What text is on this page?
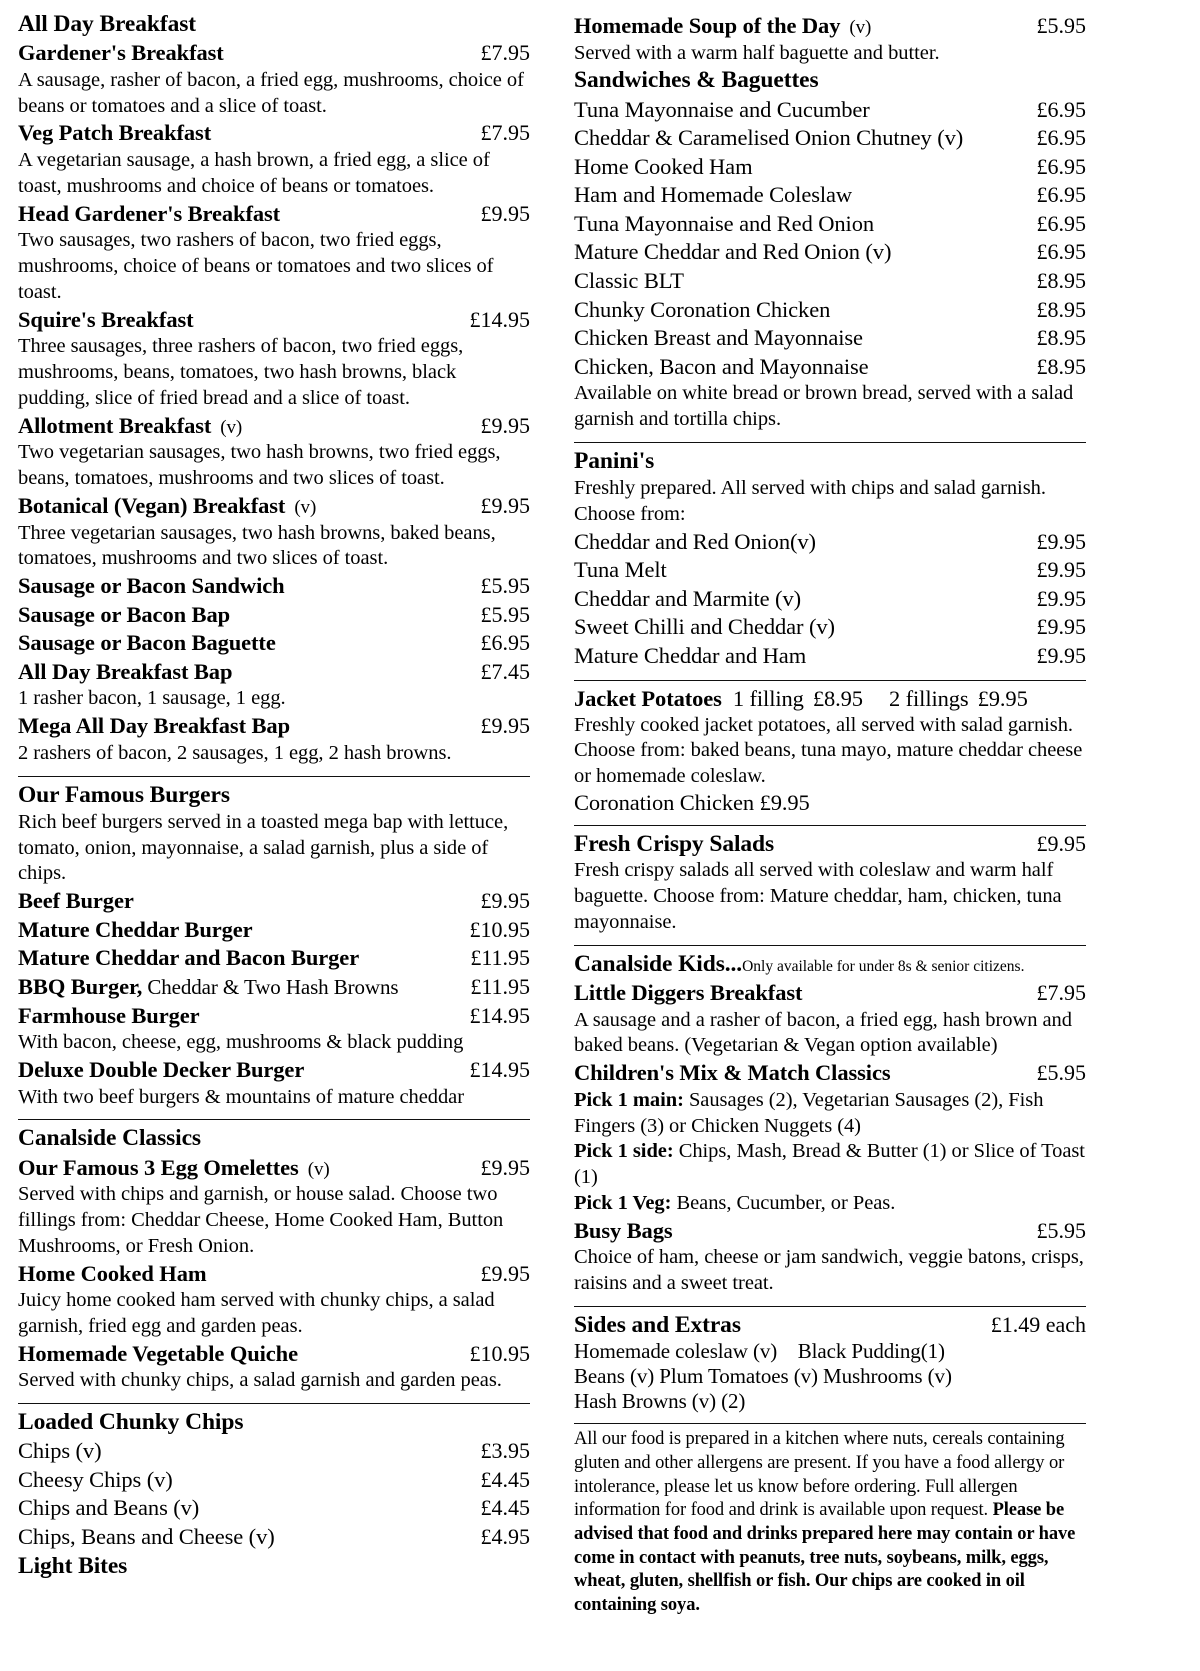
All Day Breakfast
Gardener's Breakfast	£7.95

A sausage, rasher of bacon, a fried egg, mushrooms, choice of beans or tomatoes and a slice of toast.

Veg Patch Breakfast	£7.95

A vegetarian sausage, a hash brown, a fried egg, a slice of toast, mushrooms and choice of beans or tomatoes.

Head Gardener's Breakfast	£9.95

Two sausages, two rashers of bacon, two fried eggs, mushrooms, choice of beans or tomatoes and two slices of toast.

Squire's Breakfast	£14.95

Three sausages, three rashers of bacon, two fried eggs, mushrooms, beans, tomatoes, two hash browns, black pudding, slice of fried bread and a slice of toast.

Allotment Breakfast (v)	£9.95

Two vegetarian sausages, two hash browns, two fried eggs, beans, tomatoes, mushrooms and two slices of toast.

Botanical (Vegan) Breakfast (v)	£9.95

Three vegetarian sausages, two hash browns, baked beans, tomatoes, mushrooms and two slices of toast.

Sausage or Bacon Sandwich	£5.95
Sausage or Bacon Bap	£5.95
Sausage or Bacon Baguette	£6.95
All Day Breakfast Bap	£7.45

1 rasher bacon, 1 sausage, 1 egg.

Mega All Day Breakfast Bap	£9.95

2 rashers of bacon, 2 sausages, 1 egg, 2 hash browns.

Our Famous Burgers

Rich beef burgers served in a toasted mega bap with lettuce, tomato, onion, mayonnaise, a salad garnish, plus a side of chips.

Beef Burger	£9.95
Mature Cheddar Burger	£10.95
Mature Cheddar and Bacon Burger	£11.95
BBQ Burger, Cheddar & Two Hash Browns	£11.95
Farmhouse Burger	£14.95

With bacon, cheese, egg, mushrooms & black pudding

Deluxe Double Decker Burger	£14.95

With two beef burgers & mountains of mature cheddar

Canalside Classics
Our Famous 3 Egg Omelettes (v)	£9.95

Served with chips and garnish, or house salad. Choose two fillings from: Cheddar Cheese, Home Cooked Ham, Button Mushrooms, or Fresh Onion.

Home Cooked Ham	£9.95

Juicy home cooked ham served with chunky chips, a salad garnish, fried egg and garden peas.

Homemade Vegetable Quiche	£10.95

Served with chunky chips, a salad garnish and garden peas.

Loaded Chunky Chips
Chips (v)	£3.95
Cheesy Chips (v)	£4.45
Chips and Beans (v)	£4.45
Chips, Beans and Cheese (v)	£4.95
Light Bites
Homemade Soup of the Day (v)	£5.95

Served with a warm half baguette and butter.

Sandwiches & Baguettes
Tuna Mayonnaise and Cucumber	£6.95
Cheddar & Caramelised Onion Chutney (v)	£6.95
Home Cooked Ham	£6.95
Ham and Homemade Coleslaw	£6.95
Tuna Mayonnaise and Red Onion	£6.95
Mature Cheddar and Red Onion (v)	£6.95
Classic BLT	£8.95
Chunky Coronation Chicken	£8.95
Chicken Breast and Mayonnaise	£8.95
Chicken, Bacon and Mayonnaise	£8.95

Available on white bread or brown bread, served with a salad garnish and tortilla chips.

Panini's

Freshly prepared. All served with chips and salad garnish. Choose from:

Cheddar and Red Onion(v)	£9.95
Tuna Melt	£9.95
Cheddar and Marmite (v)	£9.95
Sweet Chilli and Cheddar (v)	£9.95
Mature Cheddar and Ham	£9.95
Jacket Potatoes 1 filling £8.95 2 fillings £9.95

Freshly cooked jacket potatoes, all served with salad garnish. Choose from: baked beans, tuna mayo, mature cheddar cheese or homemade coleslaw.

Coronation Chicken £9.95
Fresh Crispy Salads	£9.95

Fresh crispy salads all served with coleslaw and warm half baguette. Choose from: Mature cheddar, ham, chicken, tuna mayonnaise.

Canalside Kids...Only available for under 8s & senior citizens.
Little Diggers Breakfast	£7.95

A sausage and a rasher of bacon, a fried egg, hash brown and baked beans. (Vegetarian & Vegan option available)

Children's Mix & Match Classics	£5.95

Pick 1 main: Sausages (2), Vegetarian Sausages (2), Fish Fingers (3) or Chicken Nuggets (4)

Pick 1 side: Chips, Mash, Bread & Butter (1) or Slice of Toast (1)

Pick 1 Veg: Beans, Cucumber, or Peas.

Busy Bags	£5.95

Choice of ham, cheese or jam sandwich, veggie batons, crisps, raisins and a sweet treat.

Sides and Extras	£1.49 each
Homemade coleslaw (v)    Black Pudding(1)
Beans (v) Plum Tomatoes (v) Mushrooms (v)
Hash Browns (v) (2)

All our food is prepared in a kitchen where nuts, cereals containing gluten and other allergens are present. If you have a food allergy or intolerance, please let us know before ordering. Full allergen information for food and drink is available upon request. Please be advised that food and drinks prepared here may contain or have come in contact with peanuts, tree nuts, soybeans, milk, eggs, wheat, gluten, shellfish or fish. Our chips are cooked in oil containing soya.
